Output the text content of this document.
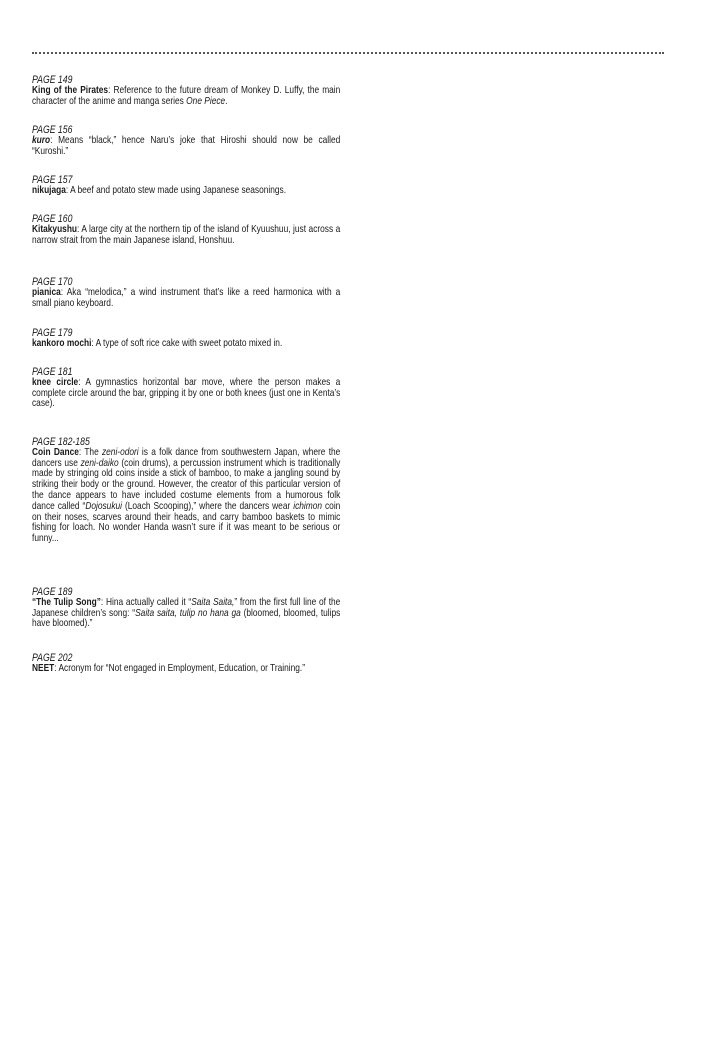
PAGE 149
King of the Pirates: Reference to the future dream of Monkey D. Luffy, the main character of the anime and manga series One Piece.
PAGE 156
kuro: Means “black,” hence Naru’s joke that Hiroshi should now be called “Kuroshi.”
PAGE 157
nikujaga: A beef and potato stew made using Japanese seasonings.
PAGE 160
Kitakyushu: A large city at the northern tip of the island of Kyuushuu, just across a narrow strait from the main Japanese island, Honshuu.
PAGE 170
pianica: Aka “melodica,” a wind instrument that’s like a reed harmonica with a small piano keyboard.
PAGE 179
kankoro mochi: A type of soft rice cake with sweet potato mixed in.
PAGE 181
knee circle: A gymnastics horizontal bar move, where the person makes a complete circle around the bar, gripping it by one or both knees (just one in Kenta’s case).
PAGE 182-185
Coin Dance: The zeni-odori is a folk dance from southwestern Japan, where the dancers use zeni-daiko (coin drums), a percussion instrument which is traditionally made by stringing old coins inside a stick of bamboo, to make a jangling sound by striking their body or the ground. However, the creator of this particular version of the dance appears to have included costume elements from a humorous folk dance called “Dojosukui (Loach Scooping),” where the dancers wear ichimon coin on their noses, scarves around their heads, and carry bamboo baskets to mimic fishing for loach. No wonder Handa wasn’t sure if it was meant to be serious or funny...
PAGE 189
“The Tulip Song”: Hina actually called it “Saita Saita,” from the first full line of the Japanese children’s song: “Saita saita, tulip no hana ga (bloomed, bloomed, tulips have bloomed).”
PAGE 202
NEET: Acronym for “Not engaged in Employment, Education, or Training.”
